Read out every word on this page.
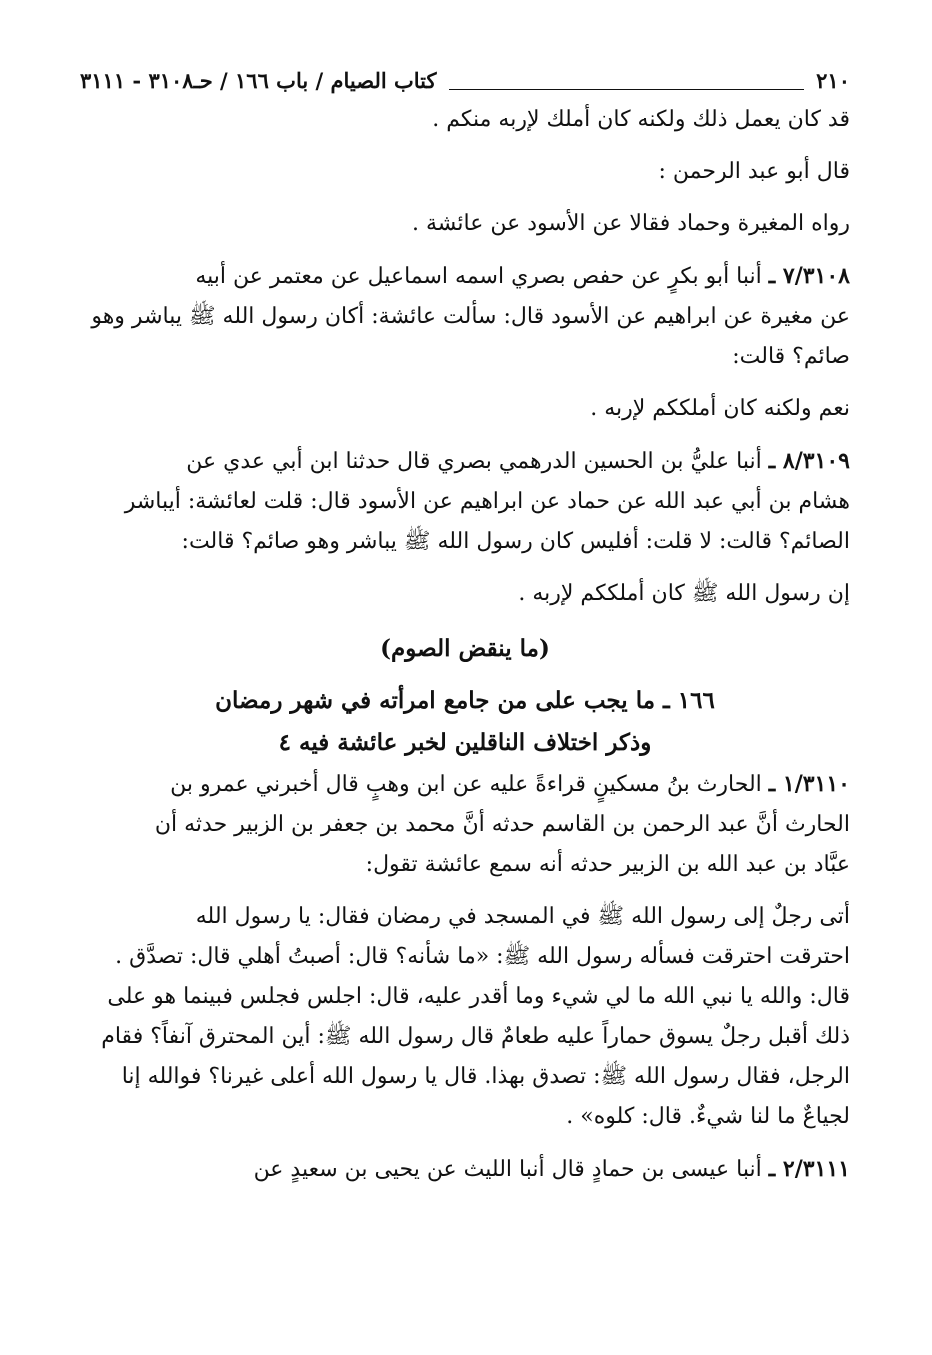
٢١٠
كتاب الصيام / باب ١٦٦ / حـ٣١٠٨ - ٣١١١

قد كان يعمل ذلك ولكنه كان أملك لإربه منكم .

قال أبو عبد الرحمن :

رواه المغيرة وحماد فقالا عن الأسود عن عائشة .

٧/٣١٠٨ ـ أنبا أبو بكرٍ عن حفص بصري اسمه اسماعيل عن معتمر عن أبيه

عن مغيرة عن ابراهيم عن الأسود قال: سألت عائشة: أكان رسول الله ﷺ يباشر وهو

صائم؟ قالت:

نعم ولكنه كان أملككم لإربه .

٨/٣١٠٩ ـ أنبا عليُّ بن الحسين الدرهمي بصري قال حدثنا ابن أبي عدي عن

هشام بن أبي عبد الله عن حماد عن ابراهيم عن الأسود قال: قلت لعائشة: أيباشر

الصائم؟ قالت: لا قلت: أفليس كان رسول الله ﷺ يباشر وهو صائم؟ قالت:

إن رسول الله ﷺ كان أملككم لإربه .

(ما ينقض الصوم)
١٦٦ ـ ما يجب على من جامع امرأته في شهر رمضان
وذكر اختلاف الناقلين لخبر عائشة فيه ٤

١/٣١١٠ ـ الحارث بنُ مسكينٍ قراءةً عليه عن ابن وهبٍ قال أخبرني عمرو بن

الحارث أنَّ عبد الرحمن بن القاسم حدثه أنَّ محمد بن جعفر بن الزبير حدثه أن

عبَّاد بن عبد الله بن الزبير حدثه أنه سمع عائشة تقول:

أتى رجلٌ إلى رسول الله ﷺ في المسجد في رمضان فقال: يا رسول الله

احترقت احترقت فسأله رسول الله ﷺ: «ما شأنه؟ قال: أصبتُ أهلي قال: تصدَّق .

قال: والله يا نبي الله ما لي شيء وما أقدر عليه، قال: اجلس فجلس فبينما هو على

ذلك أقبل رجلٌ يسوق حماراً عليه طعامٌ قال رسول الله ﷺ: أين المحترق آنفاً؟ فقام

الرجل، فقال رسول الله ﷺ: تصدق بهذا. قال يا رسول الله أعلى غيرنا؟ فوالله إنا

لجياعٌ ما لنا شيءٌ. قال: كلوه» .

٢/٣١١١ ـ أنبا عيسى بن حمادٍ قال أنبا الليث عن يحيى بن سعيدٍ عن
